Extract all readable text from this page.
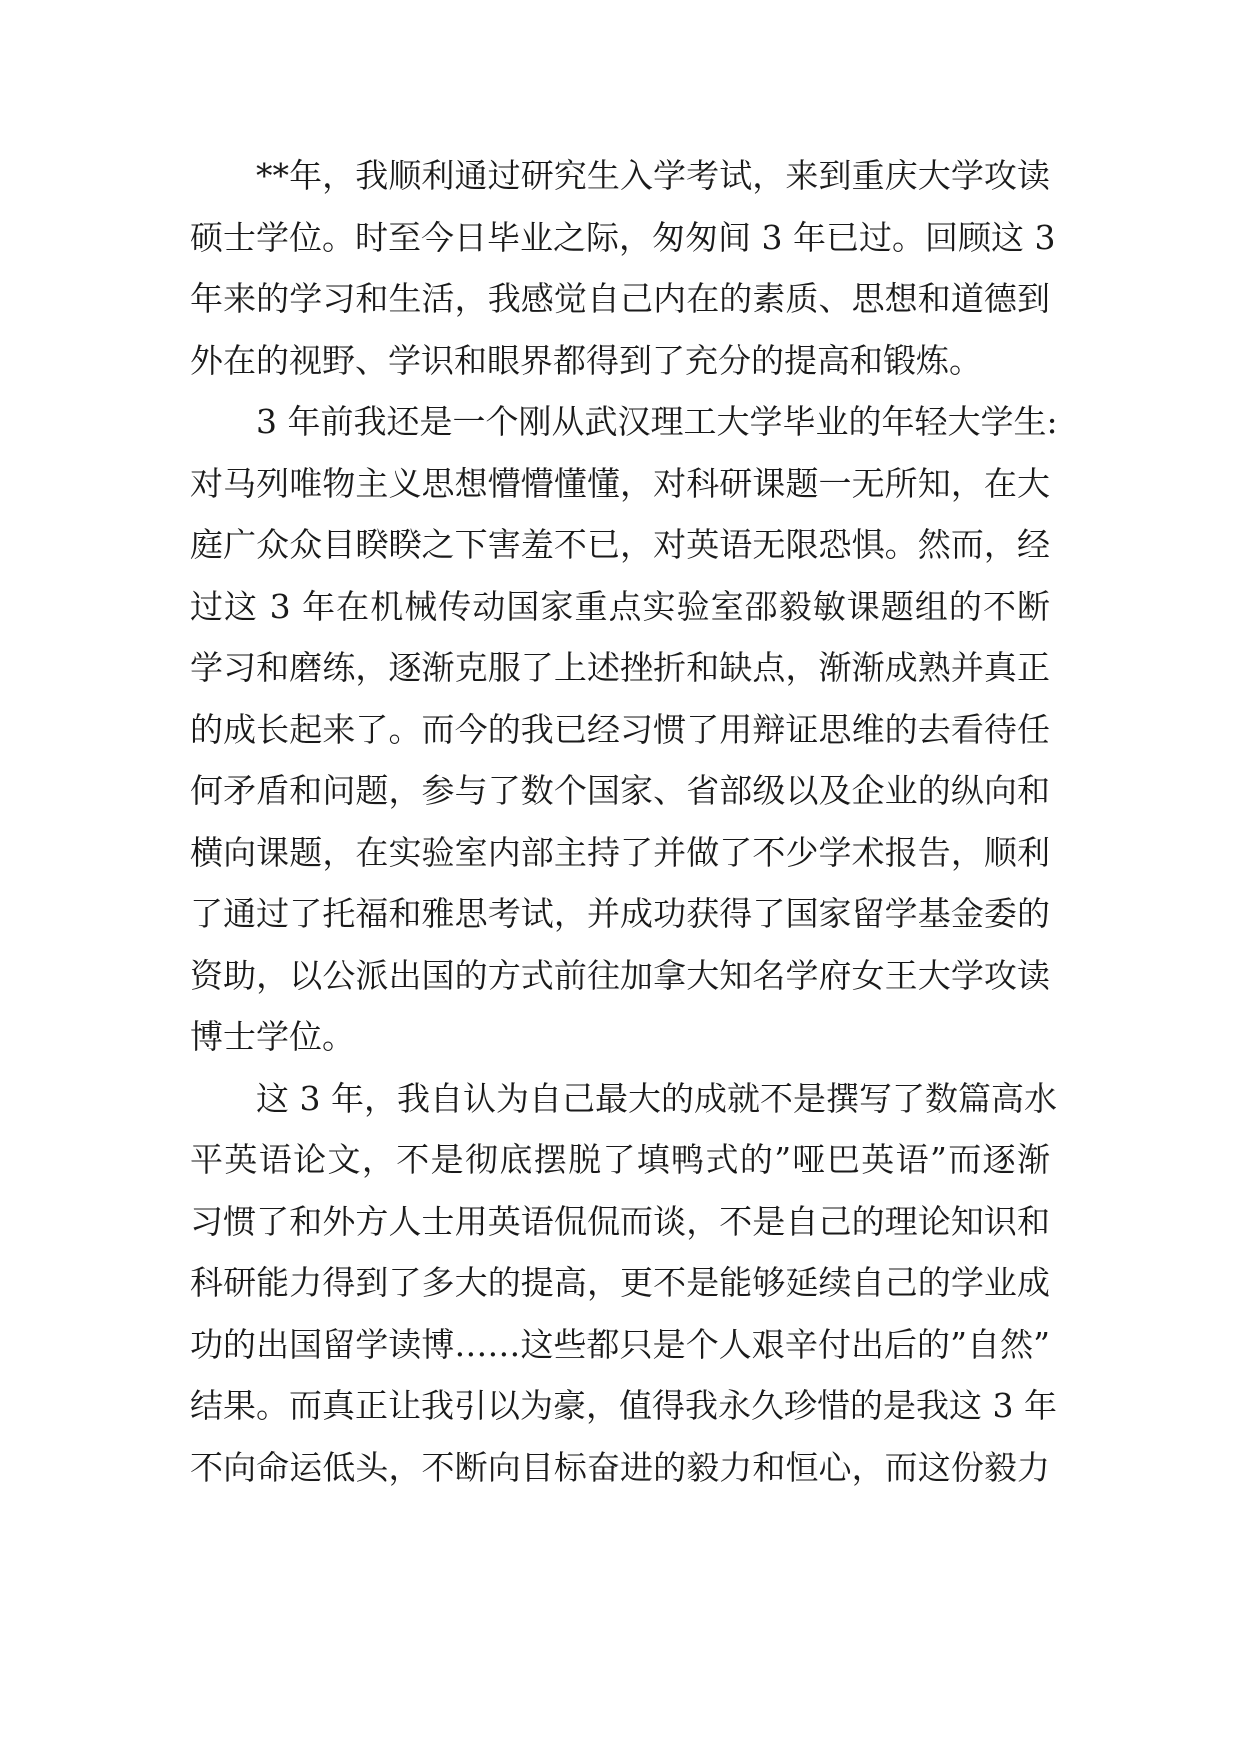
**年，我顺利通过研究生入学考试，来到重庆大学攻读
硕士学位。时至今日毕业之际，匆匆间 3 年已过。回顾这 3
年来的学习和生活，我感觉自己内在的素质、思想和道德到
外在的视野、学识和眼界都得到了充分的提高和锻炼。
3 年前我还是一个刚从武汉理工大学毕业的年轻大学生:
对马列唯物主义思想懵懵懂懂，对科研课题一无所知，在大
庭广众众目睽睽之下害羞不已，对英语无限恐惧。然而，经
过这 3 年在机械传动国家重点实验室邵毅敏课题组的不断
学习和磨练，逐渐克服了上述挫折和缺点，渐渐成熟并真正
的成长起来了。而今的我已经习惯了用辩证思维的去看待任
何矛盾和问题，参与了数个国家、省部级以及企业的纵向和
横向课题，在实验室内部主持了并做了不少学术报告，顺利
了通过了托福和雅思考试，并成功获得了国家留学基金委的
资助，以公派出国的方式前往加拿大知名学府女王大学攻读
博士学位。
这 3 年，我自认为自己最大的成就不是撰写了数篇高水
平英语论文，不是彻底摆脱了填鸭式的”哑巴英语”而逐渐
习惯了和外方人士用英语侃侃而谈，不是自己的理论知识和
科研能力得到了多大的提高，更不是能够延续自己的学业成
功的出国留学读博……这些都只是个人艰辛付出后的”自然”
结果。而真正让我引以为豪，值得我永久珍惜的是我这 3 年
不向命运低头，不断向目标奋进的毅力和恒心，而这份毅力
